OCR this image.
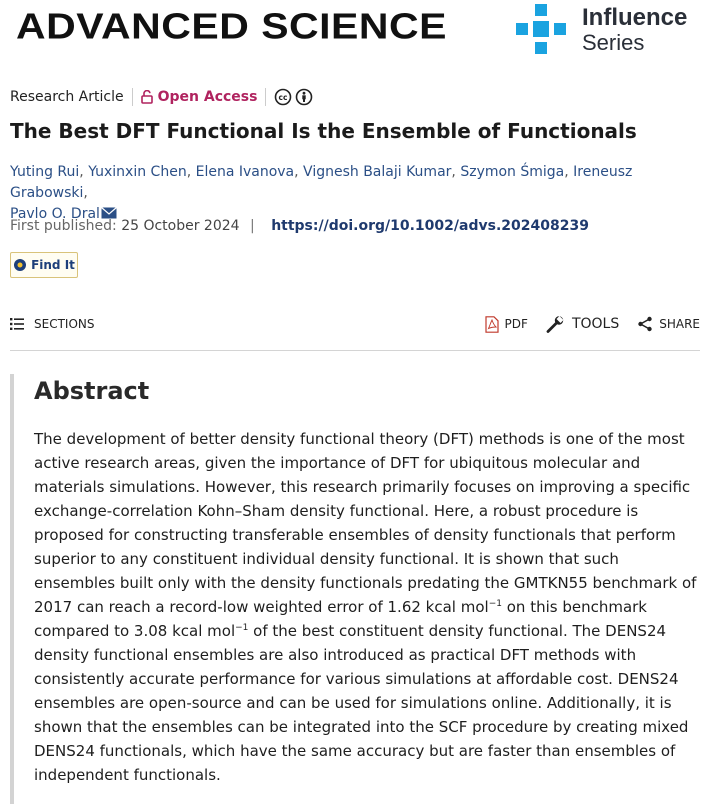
ADVANCED SCIENCE	Influence
Series
Research Article Open Access	cc
The Best DFT Functional Is the Ensemble of Functionals
Yuting Rui, Yuxinxin Chen, Elena Ivanova, Vignesh Balaji Kumar, Szymon Śmiga, Ireneusz Grabowski,
Pavlo O. Dral
First published: 25 October 2024 | https://doi.org/10.1002/advs.202408239
Find It
SECTIONS	PDF	TOOLS	SHARE
Abstract
The development of better density functional theory (DFT) methods is one of the most active research areas, given the importance of DFT for ubiquitous molecular and materials simulations. However, this research primarily focuses on improving a specific exchange-correlation Kohn–Sham density functional. Here, a robust procedure is proposed for constructing transferable ensembles of density functionals that perform superior to any constituent individual density functional. It is shown that such ensembles built only with the density functionals predating the GMTKN55 benchmark of 2017 can reach a record-low weighted error of 1.62 kcal mol$^{-1}$ on this benchmark compared to 3.08 kcal mol$^{-1}$ of the best constituent density functional. The DENS24 density functional ensembles are also introduced as practical DFT methods with consistently accurate performance for various simulations at affordable cost. DENS24 ensembles are open-source and can be used for simulations online. Additionally, it is shown that the ensembles can be integrated into the SCF procedure by creating mixed DENS24 functionals, which have the same accuracy but are faster than ensembles of independent functionals.
